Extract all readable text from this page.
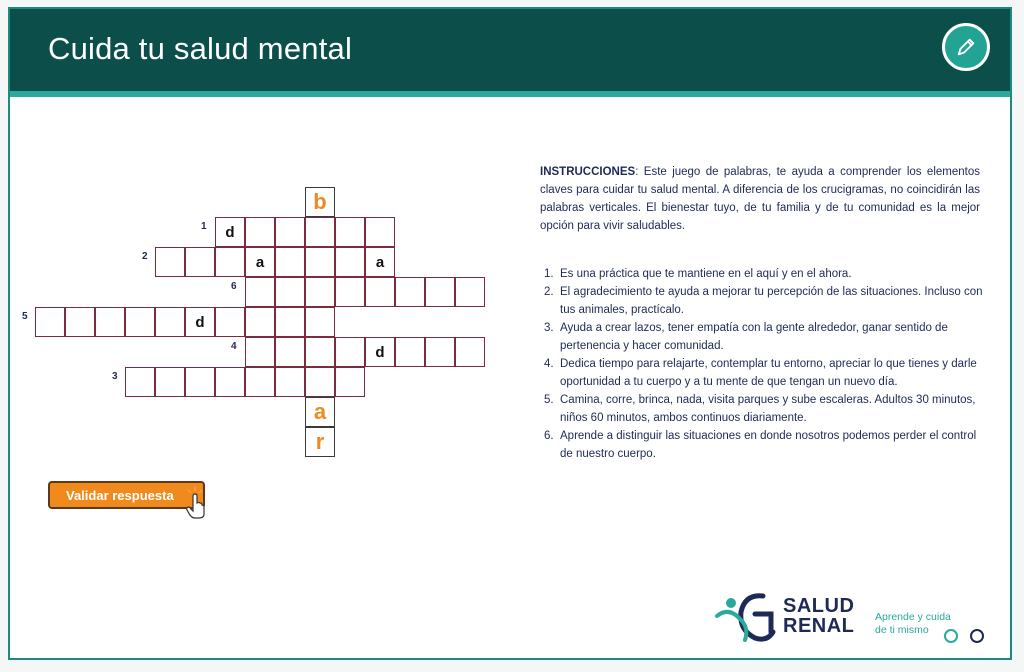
Cuida tu salud mental
b
1 d
2	a	a
6
5	d
4	d
3
a
r
Validar respuesta
INSTRUCCIONES: Este juego de palabras, te ayuda a comprender los elementos claves para cuidar tu salud mental. A diferencia de los crucigramas, no coincidirán las palabras verticales. El bienestar tuyo, de tu familia y de tu comunidad es la mejor opción para vivir saludables.
1. Es una práctica que te mantiene en el aquí y en el ahora.
2. El agradecimiento te ayuda a mejorar tu percepción de las situaciones. Incluso con tus animales, practícalo.
3. Ayuda a crear lazos, tener empatía con la gente alrededor, ganar sentido de pertenencia y hacer comunidad.
4. Dedica tiempo para relajarte, contemplar tu entorno, apreciar lo que tienes y darle oportunidad a tu cuerpo y a tu mente de que tengan un nuevo día.
5. Camina, corre, brinca, nada, visita parques y sube escaleras. Adultos 30 minutos, niños 60 minutos, ambos continuos diariamente.
6. Aprende a distinguir las situaciones en donde nosotros podemos perder el control de nuestro cuerpo.
SALUD
RENAL Aprende y cuida
de ti mismo
